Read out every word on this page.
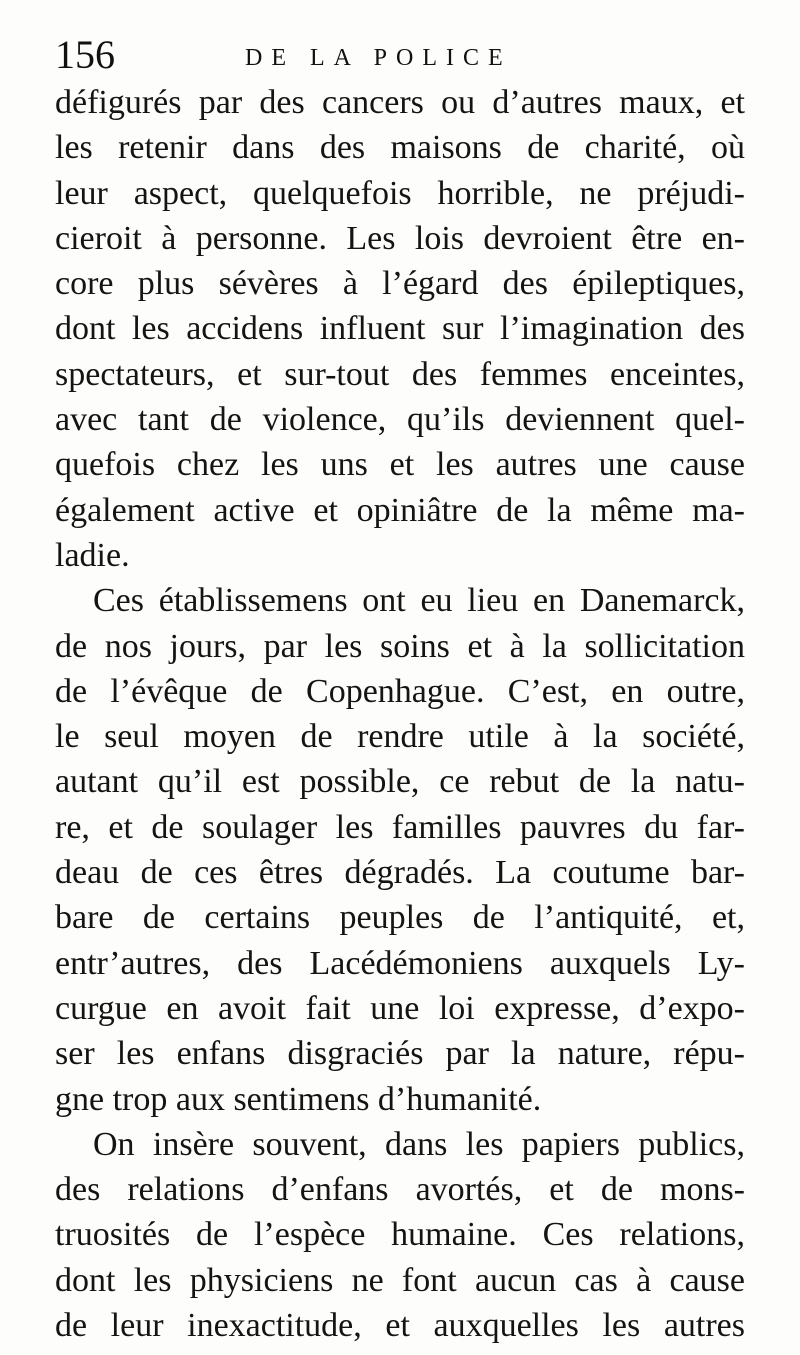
156	DE LA POLICE
défigurés par des cancers ou d’autres maux, et
les retenir dans des maisons de charité, où
leur aspect, quelquefois horrible, ne préjudi-
cieroit à personne. Les lois devroient être en-
core plus sévères à l’égard des épileptiques,
dont les accidens influent sur l’imagination des
spectateurs, et sur-tout des femmes enceintes,
avec tant de violence, qu’ils deviennent quel-
quefois chez les uns et les autres une cause
également active et opiniâtre de la même ma-
ladie.
Ces établissemens ont eu lieu en Danemarck,
de nos jours, par les soins et à la sollicitation
de l’évêque de Copenhague. C’est, en outre,
le seul moyen de rendre utile à la société,
autant qu’il est possible, ce rebut de la natu-
re, et de soulager les familles pauvres du far-
deau de ces êtres dégradés. La coutume bar-
bare de certains peuples de l’antiquité, et,
entr’autres, des Lacédémoniens auxquels Ly-
curgue en avoit fait une loi expresse, d’expo-
ser les enfans disgraciés par la nature, répu-
gne trop aux sentimens d’humanité.
On insère souvent, dans les papiers publics,
des relations d’enfans avortés, et de mons-
truosités de l’espèce humaine. Ces relations,
dont les physiciens ne font aucun cas à cause
de leur inexactitude, et auxquelles les autres
